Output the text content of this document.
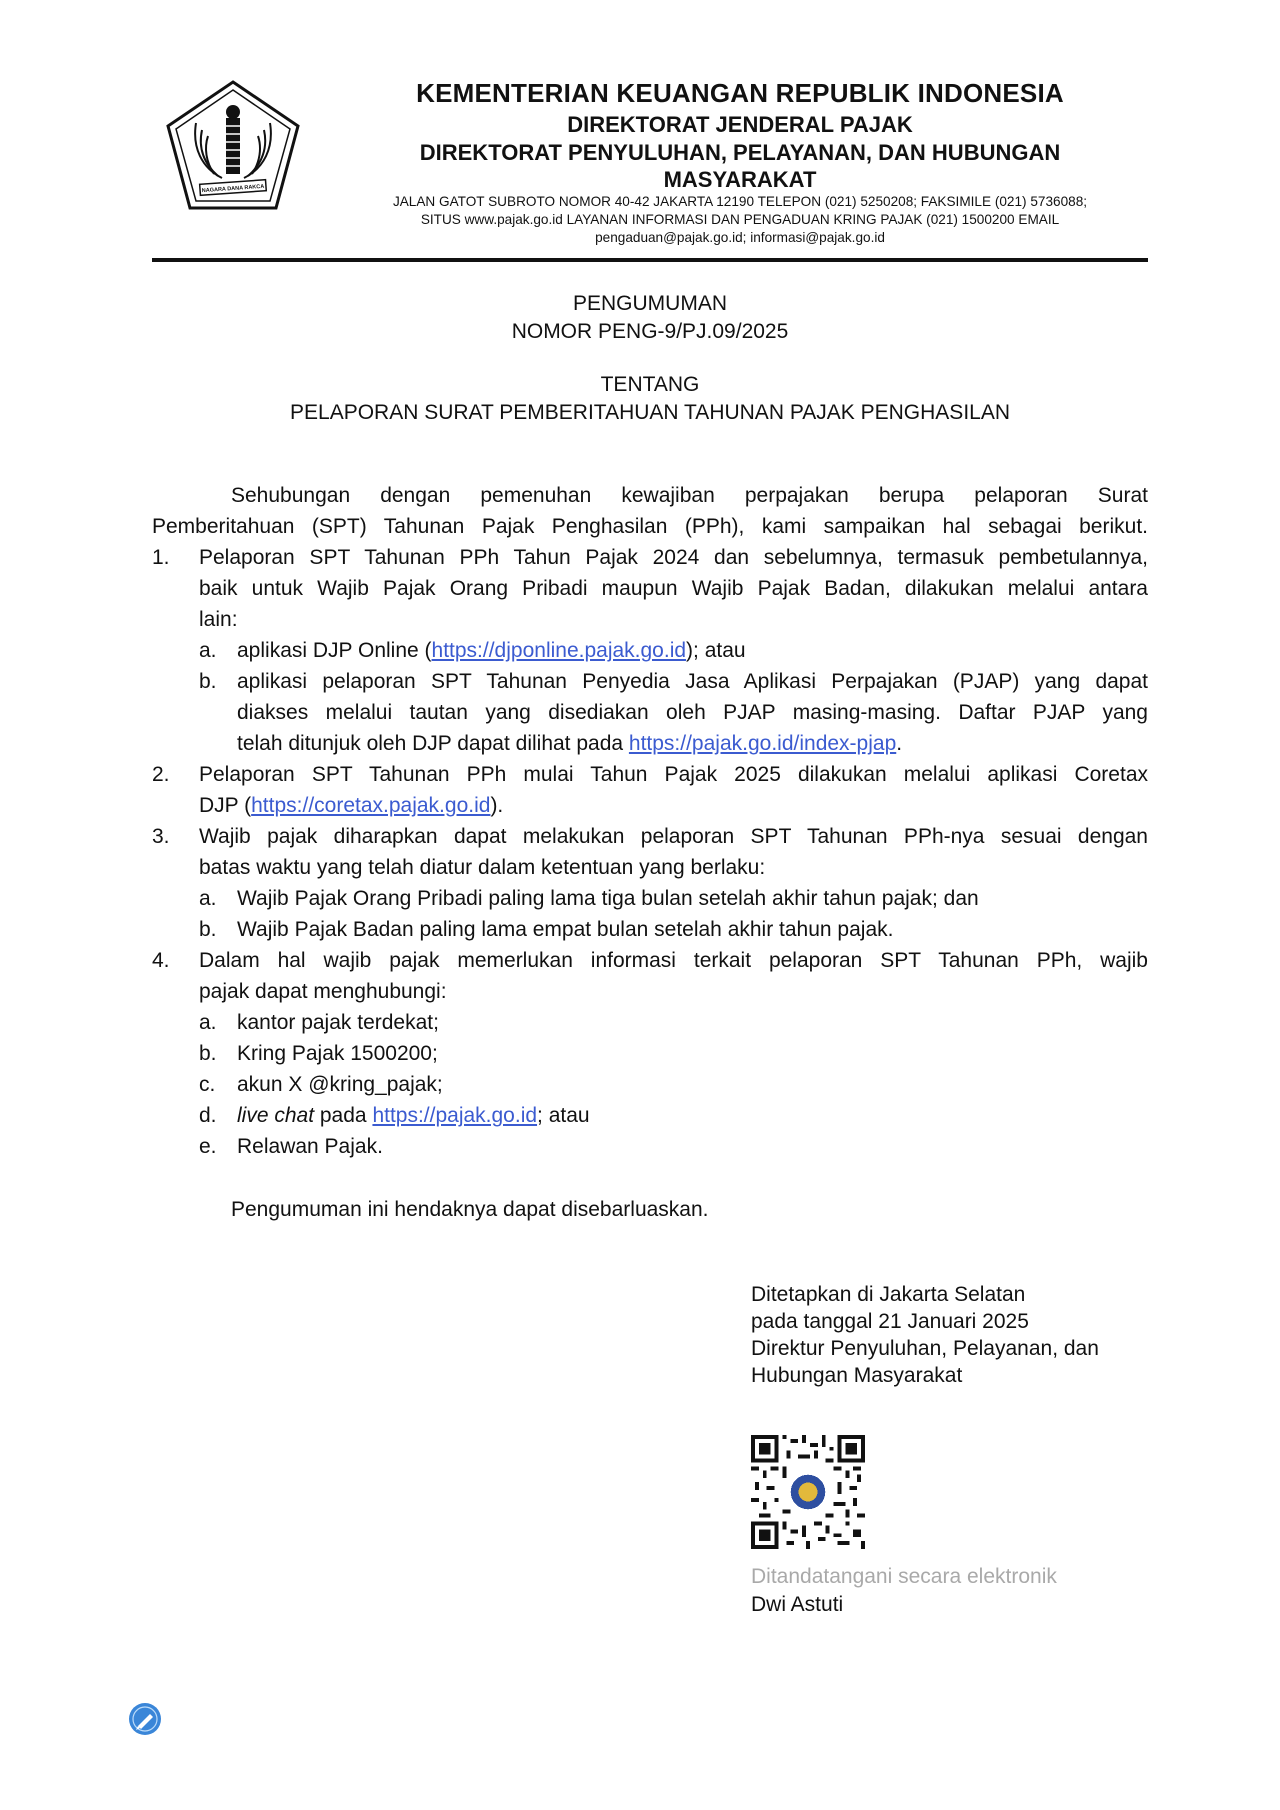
NAGARA DANA RAKCA
KEMENTERIAN KEUANGAN REPUBLIK INDONESIA
DIREKTORAT JENDERAL PAJAK
DIREKTORAT PENYULUHAN, PELAYANAN, DAN HUBUNGAN
MASYARAKAT
JALAN GATOT SUBROTO NOMOR 40-42 JAKARTA 12190 TELEPON (021) 5250208; FAKSIMILE (021) 5736088;
SITUS www.pajak.go.id LAYANAN INFORMASI DAN PENGADUAN KRING PAJAK (021) 1500200 EMAIL
pengaduan@pajak.go.id; informasi@pajak.go.id
PENGUMUMAN
NOMOR PENG-9/PJ.09/2025
TENTANG
PELAPORAN SURAT PEMBERITAHUAN TAHUNAN PAJAK PENGHASILAN
Sehubungan dengan pemenuhan kewajiban perpajakan berupa pelaporan Surat
Pemberitahuan (SPT) Tahunan Pajak Penghasilan (PPh), kami sampaikan hal sebagai berikut.
1. Pelaporan SPT Tahunan PPh Tahun Pajak 2024 dan sebelumnya, termasuk pembetulannya,
baik untuk Wajib Pajak Orang Pribadi maupun Wajib Pajak Badan, dilakukan melalui antara
lain:
a. aplikasi DJP Online (https://djponline.pajak.go.id); atau
b. aplikasi pelaporan SPT Tahunan Penyedia Jasa Aplikasi Perpajakan (PJAP) yang dapat
diakses melalui tautan yang disediakan oleh PJAP masing-masing. Daftar PJAP yang
telah ditunjuk oleh DJP dapat dilihat pada https://pajak.go.id/index-pjap.
2. Pelaporan SPT Tahunan PPh mulai Tahun Pajak 2025 dilakukan melalui aplikasi Coretax
DJP (https://coretax.pajak.go.id).
3. Wajib pajak diharapkan dapat melakukan pelaporan SPT Tahunan PPh-nya sesuai dengan
batas waktu yang telah diatur dalam ketentuan yang berlaku:
a. Wajib Pajak Orang Pribadi paling lama tiga bulan setelah akhir tahun pajak; dan
b. Wajib Pajak Badan paling lama empat bulan setelah akhir tahun pajak.
4. Dalam hal wajib pajak memerlukan informasi terkait pelaporan SPT Tahunan PPh, wajib
pajak dapat menghubungi:
a. kantor pajak terdekat;
b. Kring Pajak 1500200;
c. akun X @kring_pajak;
d. live chat pada https://pajak.go.id; atau
e. Relawan Pajak.
Pengumuman ini hendaknya dapat disebarluaskan.
Ditetapkan di Jakarta Selatan
pada tanggal 21 Januari 2025
Direktur Penyuluhan, Pelayanan, dan
Hubungan Masyarakat
Ditandatangani secara elektronik
Dwi Astuti
